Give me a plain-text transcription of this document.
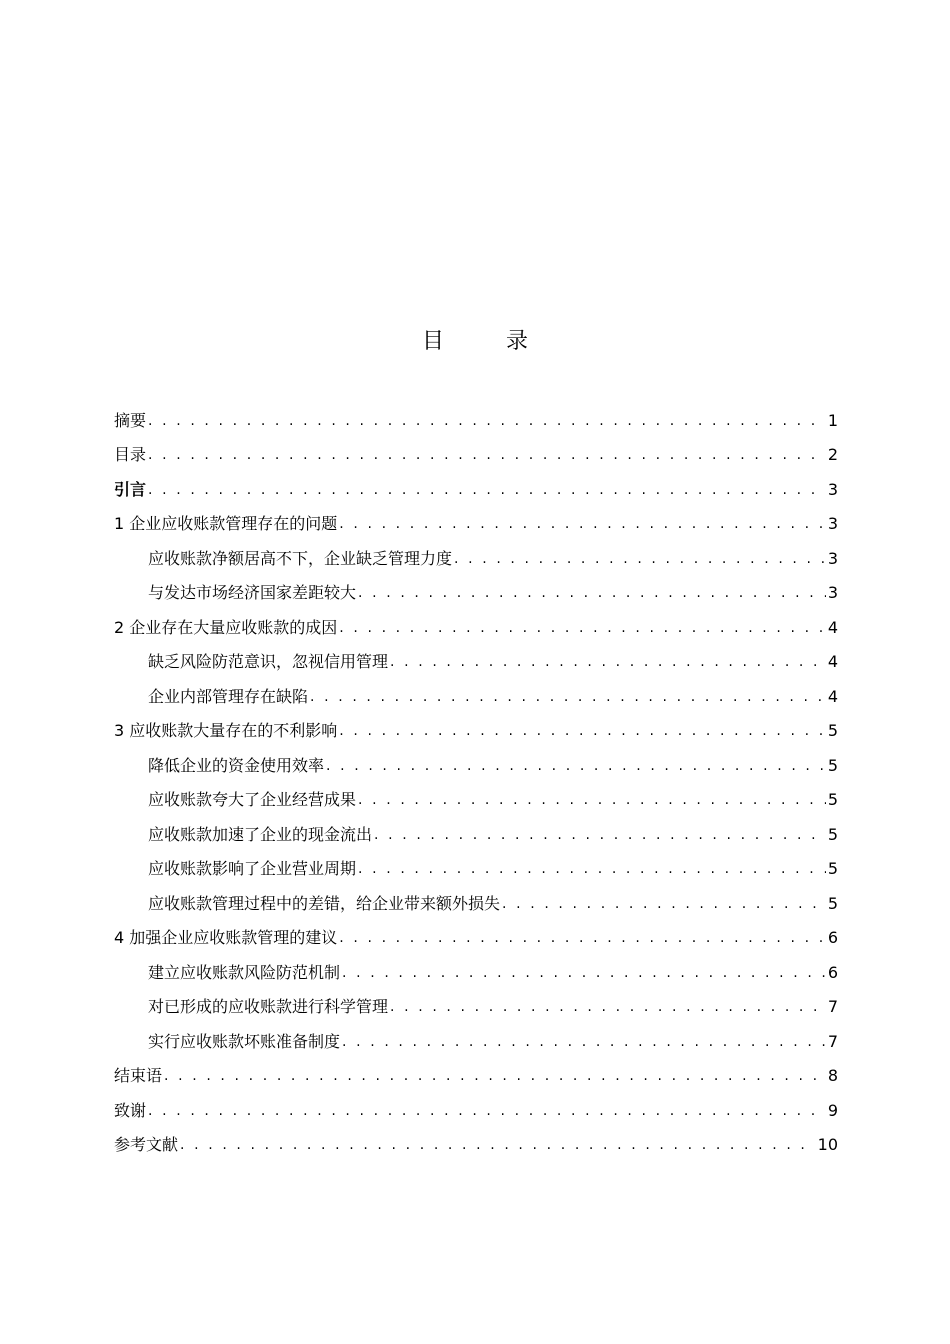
目　录
摘要 . . .	1
目录 . . .	2
引言 . . .	3
1 企业应收账款管理存在的问题 . . .	3
应收账款净额居高不下，企业缺乏管理力度 . . .	3
与发达市场经济国家差距较大 . . .	3
2 企业存在大量应收账款的成因 . . .	4
缺乏风险防范意识，忽视信用管理 . . .	4
企业内部管理存在缺陷 . . .	4
3 应收账款大量存在的不利影响 . . .	5
降低企业的资金使用效率 . . .	5
应收账款夸大了企业经营成果 . . .	5
应收账款加速了企业的现金流出 . . .	5
应收账款影响了企业营业周期 . . .	5
应收账款管理过程中的差错，给企业带来额外损失 . . .	5
4 加强企业应收账款管理的建议 . . .	6
建立应收账款风险防范机制 . . .	6
对已形成的应收账款进行科学管理 . . .	7
实行应收账款坏账准备制度 . . .	7
结束语 . . .	8
致谢 . . .	9
参考文献 . . .	10
